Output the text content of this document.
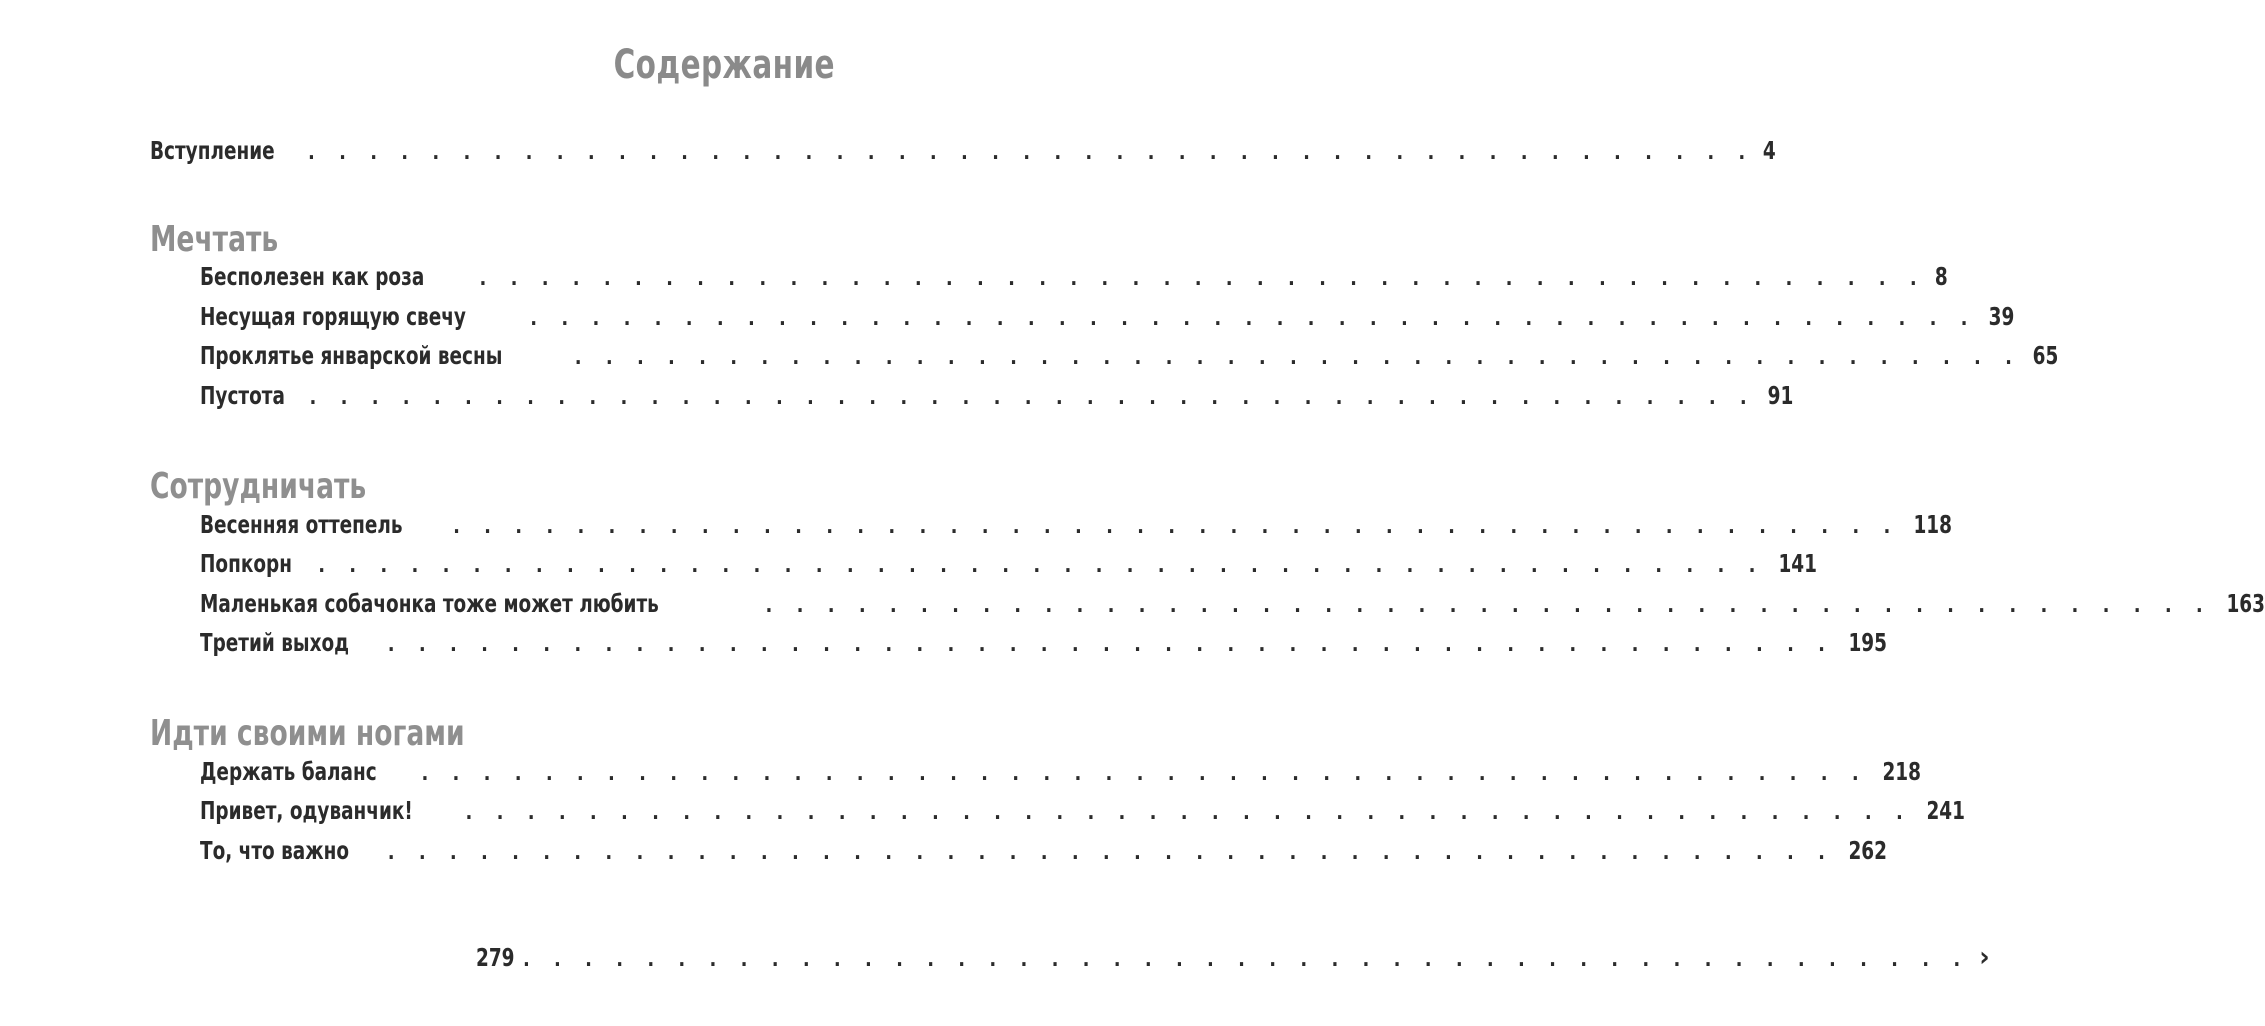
Содержание
Вступление . . . . . . . . . . . . . . . . . . . . . . . . . . . . . . . . . . . . . . . . . . . . . . . 4
Мечтать
Бесполезен как роза	. . . . . . . . . . . . . . . . . . . . . . . . . . . . . . . . . . . . . . . . . . . . . . . 8
Несущая горящую свечу	. . . . . . . . . . . . . . . . . . . . . . . . . . . . . . . . . . . . . . . . . . . . . . . 39
Проклятье январской весны	. . . . . . . . . . . . . . . . . . . . . . . . . . . . . . . . . . . . . . . . . . . . . . . 65
Пустота . . . . . . . . . . . . . . . . . . . . . . . . . . . . . . . . . . . . . . . . . . . . . . . 91
Сотрудничать
Весенняя оттепель	. . . . . . . . . . . . . . . . . . . . . . . . . . . . . . . . . . . . . . . . . . . . . . . 118
Попкорн . . . . . . . . . . . . . . . . . . . . . . . . . . . . . . . . . . . . . . . . . . . . . . . 141
Маленькая собачонка тоже может любить	. . . . . . . . . . . . . . . . . . . . . . . . . . . . . . . . . . . . . . . . . . . . . . . 163
Третий выход . . . . . . . . . . . . . . . . . . . . . . . . . . . . . . . . . . . . . . . . . . . . . . . 195
Идти своими ногами
Держать баланс . . . . . . . . . . . . . . . . . . . . . . . . . . . . . . . . . . . . . . . . . . . . . . . 218
Привет, одуванчик!	. . . . . . . . . . . . . . . . . . . . . . . . . . . . . . . . . . . . . . . . . . . . . . . 241
То, что важно . . . . . . . . . . . . . . . . . . . . . . . . . . . . . . . . . . . . . . . . . . . . . . . 262
279 . . . . . . . . . . . . . . . . . . . . . . . . . . . . . . . . . . . . . . . . . . . . . . . ›
